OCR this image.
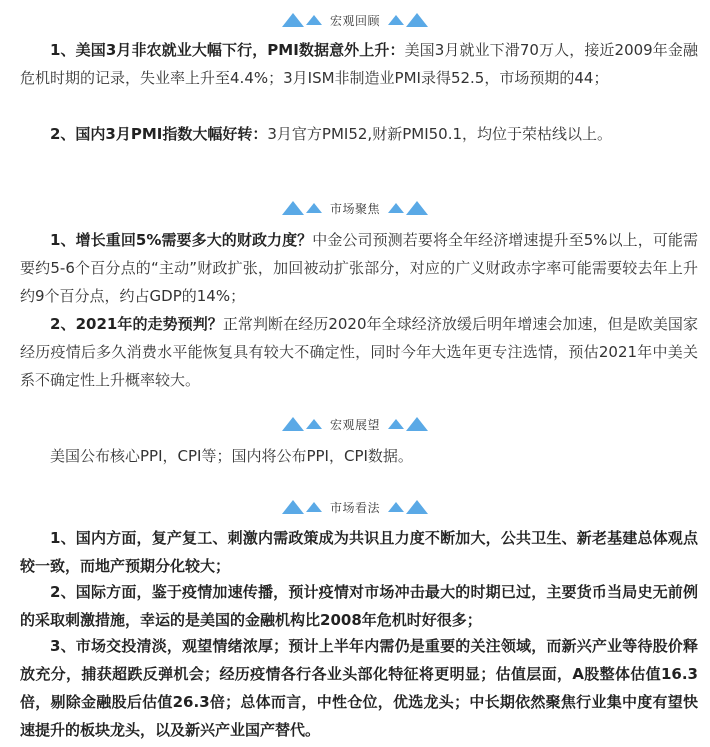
宏观回顾
1、美国3月非农就业大幅下行，PMI数据意外上升：美国3月就业下滑70万人，接近2009年金融危机时期的记录，失业率上升至4.4%；3月ISM非制造业PMI录得52.5，市场预期的44；
2、国内3月PMI指数大幅好转：3月官方PMI52,财新PMI50.1，均位于荣枯线以上。
市场聚焦
1、增长重回5%需要多大的财政力度？中金公司预测若要将全年经济增速提升至5%以上，可能需要约5-6个百分点的“主动”财政扩张，加回被动扩张部分，对应的广义财政赤字率可能需要较去年上升约9个百分点，约占GDP的14%；
2、2021年的走势预判？正常判断在经历2020年全球经济放缓后明年增速会加速，但是欧美国家经历疫情后多久消费水平能恢复具有较大不确定性，同时今年大选年更专注选情，预估2021年中美关系不确定性上升概率较大。
宏观展望
美国公布核心PPI，CPI等；国内将公布PPI，CPI数据。
市场看法
1、国内方面，复产复工、刺激内需政策成为共识且力度不断加大，公共卫生、新老基建总体观点较一致，而地产预期分化较大；
2、国际方面，鉴于疫情加速传播，预计疫情对市场冲击最大的时期已过，主要货币当局史无前例的采取刺激措施，幸运的是美国的金融机构比2008年危机时好很多；
3、市场交投清淡，观望情绪浓厚；预计上半年内需仍是重要的关注领域，而新兴产业等待股价释放充分，捕获超跌反弹机会；经历疫情各行各业头部化特征将更明显；估值层面，A股整体估值16.3倍，剔除金融股后估值26.3倍；总体而言，中性仓位，优选龙头；中长期依然聚焦行业集中度有望快速提升的板块龙头，以及新兴产业国产替代。
